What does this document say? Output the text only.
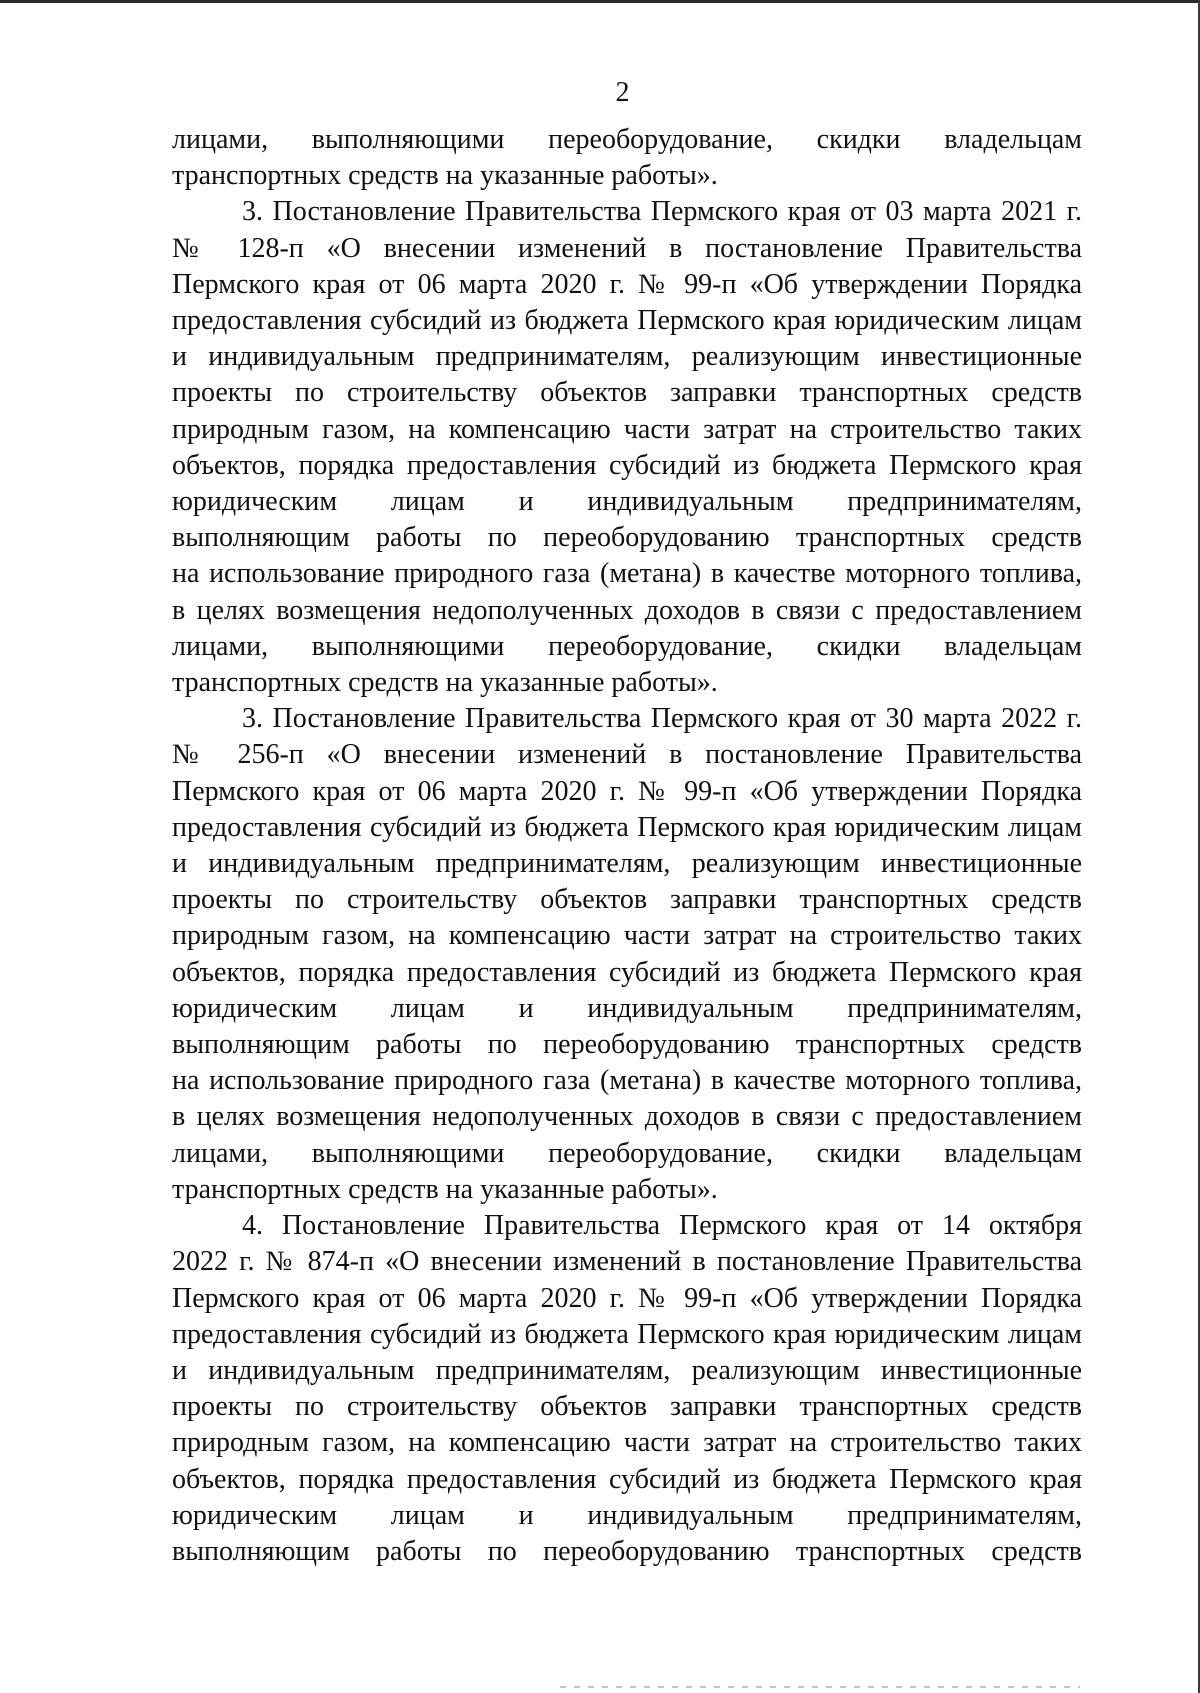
2
лицами, выполняющими переоборудование, скидки владельцам
транспортных средств на указанные работы».
3. Постановление Правительства Пермского края от 03 марта 2021 г.
№ 128-п «О внесении изменений в постановление Правительства
Пермского края от 06 марта 2020 г. № 99-п «Об утверждении Порядка
предоставления субсидий из бюджета Пермского края юридическим лицам
и индивидуальным предпринимателям, реализующим инвестиционные
проекты по строительству объектов заправки транспортных средств
природным газом, на компенсацию части затрат на строительство таких
объектов, порядка предоставления субсидий из бюджета Пермского края
юридическим лицам и индивидуальным предпринимателям,
выполняющим работы по переоборудованию транспортных средств
на использование природного газа (метана) в качестве моторного топлива,
в целях возмещения недополученных доходов в связи с предоставлением
лицами, выполняющими переоборудование, скидки владельцам
транспортных средств на указанные работы».
3. Постановление Правительства Пермского края от 30 марта 2022 г.
№ 256-п «О внесении изменений в постановление Правительства
Пермского края от 06 марта 2020 г. № 99-п «Об утверждении Порядка
предоставления субсидий из бюджета Пермского края юридическим лицам
и индивидуальным предпринимателям, реализующим инвестиционные
проекты по строительству объектов заправки транспортных средств
природным газом, на компенсацию части затрат на строительство таких
объектов, порядка предоставления субсидий из бюджета Пермского края
юридическим лицам и индивидуальным предпринимателям,
выполняющим работы по переоборудованию транспортных средств
на использование природного газа (метана) в качестве моторного топлива,
в целях возмещения недополученных доходов в связи с предоставлением
лицами, выполняющими переоборудование, скидки владельцам
транспортных средств на указанные работы».
4. Постановление Правительства Пермского края от 14 октября
2022 г. № 874-п «О внесении изменений в постановление Правительства
Пермского края от 06 марта 2020 г. № 99-п «Об утверждении Порядка
предоставления субсидий из бюджета Пермского края юридическим лицам
и индивидуальным предпринимателям, реализующим инвестиционные
проекты по строительству объектов заправки транспортных средств
природным газом, на компенсацию части затрат на строительство таких
объектов, порядка предоставления субсидий из бюджета Пермского края
юридическим лицам и индивидуальным предпринимателям,
выполняющим работы по переоборудованию транспортных средств
